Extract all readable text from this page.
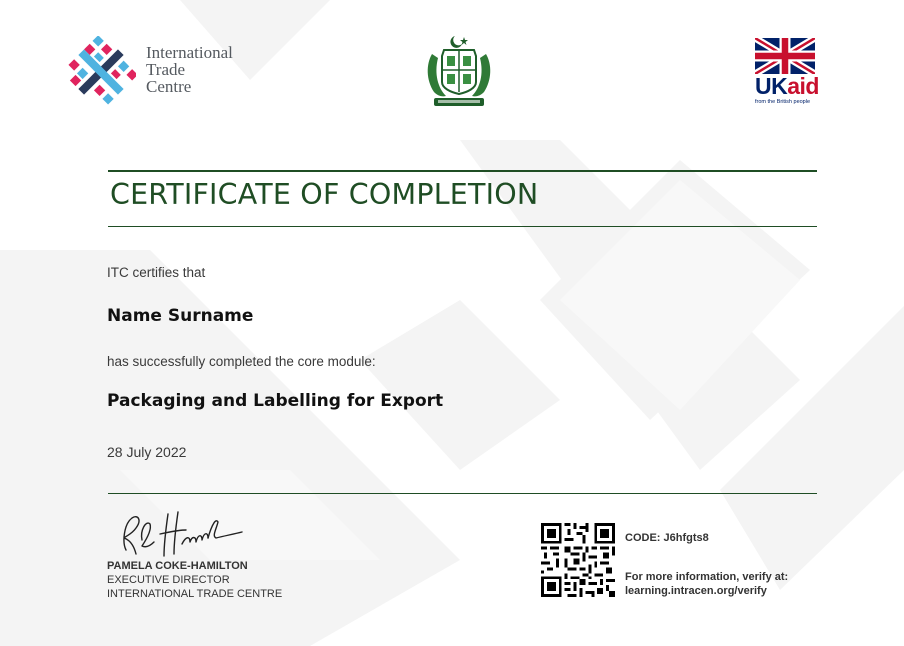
International
Trade
Centre	UKaid
from the British people
CERTIFICATE OF COMPLETION
ITC certifies that
Name Surname
has successfully completed the core module:
Packaging and Labelling for Export
28 July 2022
PAMELA COKE-HAMILTON
EXECUTIVE DIRECTOR
INTERNATIONAL TRADE CENTRE
CODE: J6hfgts8
For more information, verify at:
learning.intracen.org/verify
